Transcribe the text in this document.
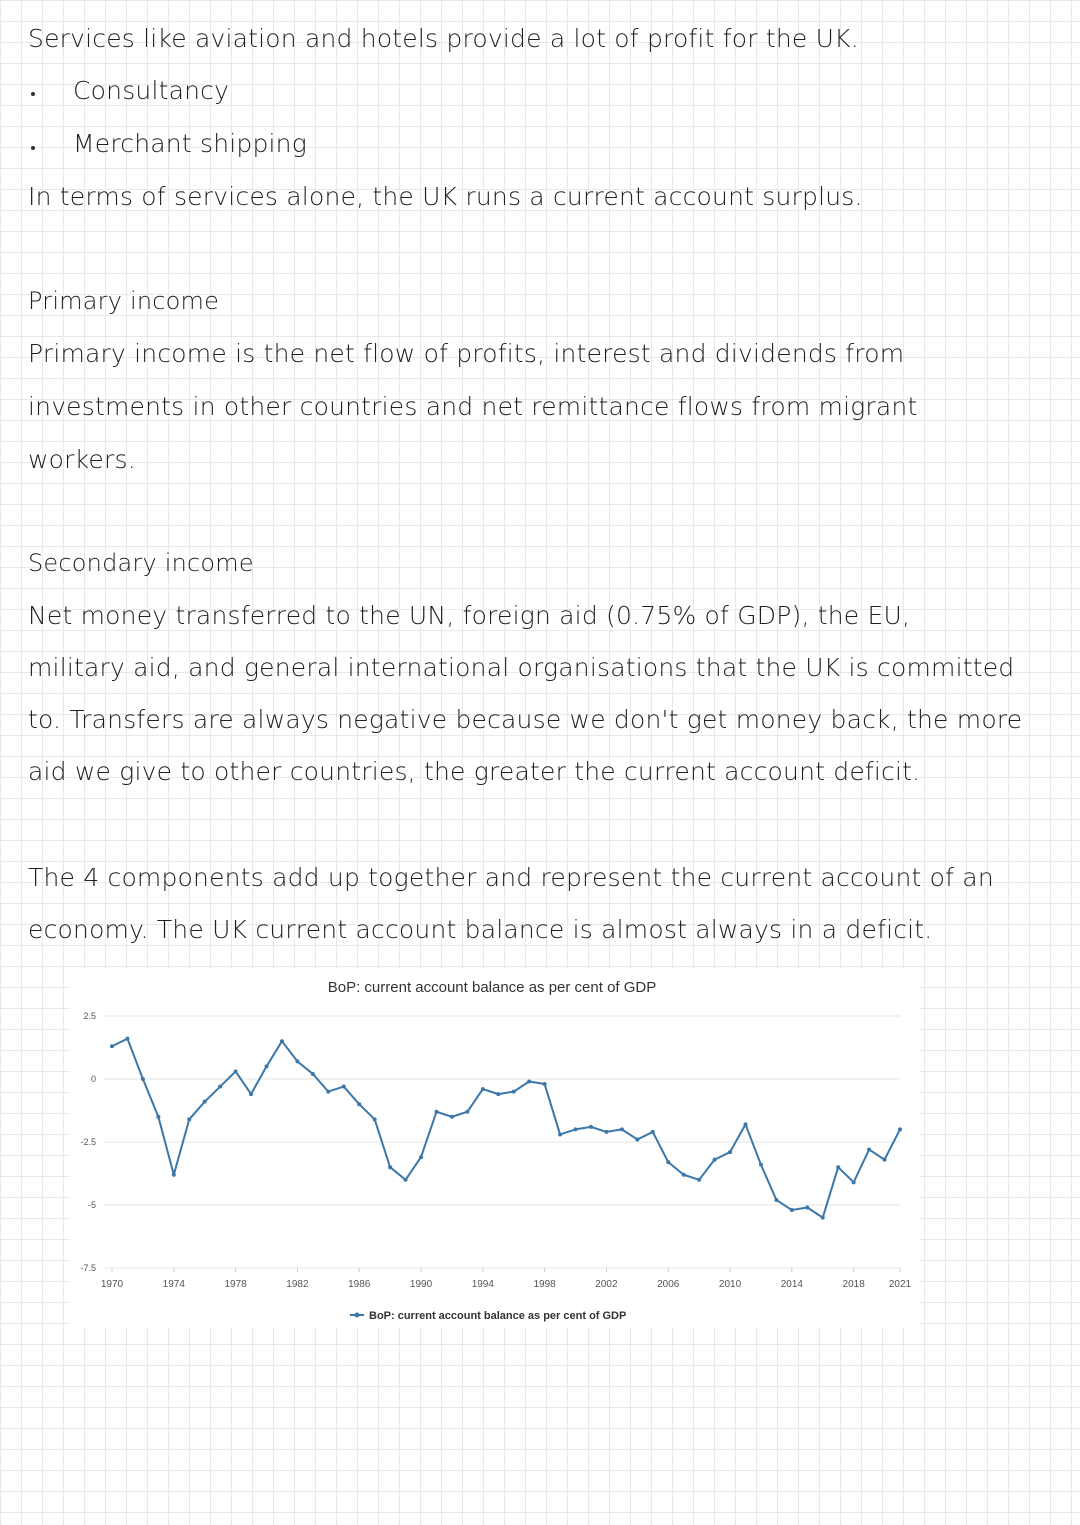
Services like aviation and hotels provide a lot of profit for the UK.

Consultancy

Merchant shipping

In terms of services alone, the UK runs a current account surplus.

Primary income

Primary income is the net flow of profits, interest and dividends from

investments in other countries and net remittance flows from migrant

workers.

Secondary income

Net money transferred to the UN, foreign aid (0.75% of GDP), the EU,

military aid, and general international organisations that the UK is committed

to. Transfers are always negative because we don't get money back, the more

aid we give to other countries, the greater the current account deficit.

The 4 components add up together and represent the current account of an

economy. The UK current account balance is almost always in a deficit.

BoP: current account balance as per cent of GDP
2.5
0
-2.5
-5
-7.5
1970	1974	1978	1982	1986	1990	1994	1998	2002	2006	2010	2014	2018 2021
BoP: current account balance as per cent of GDP
